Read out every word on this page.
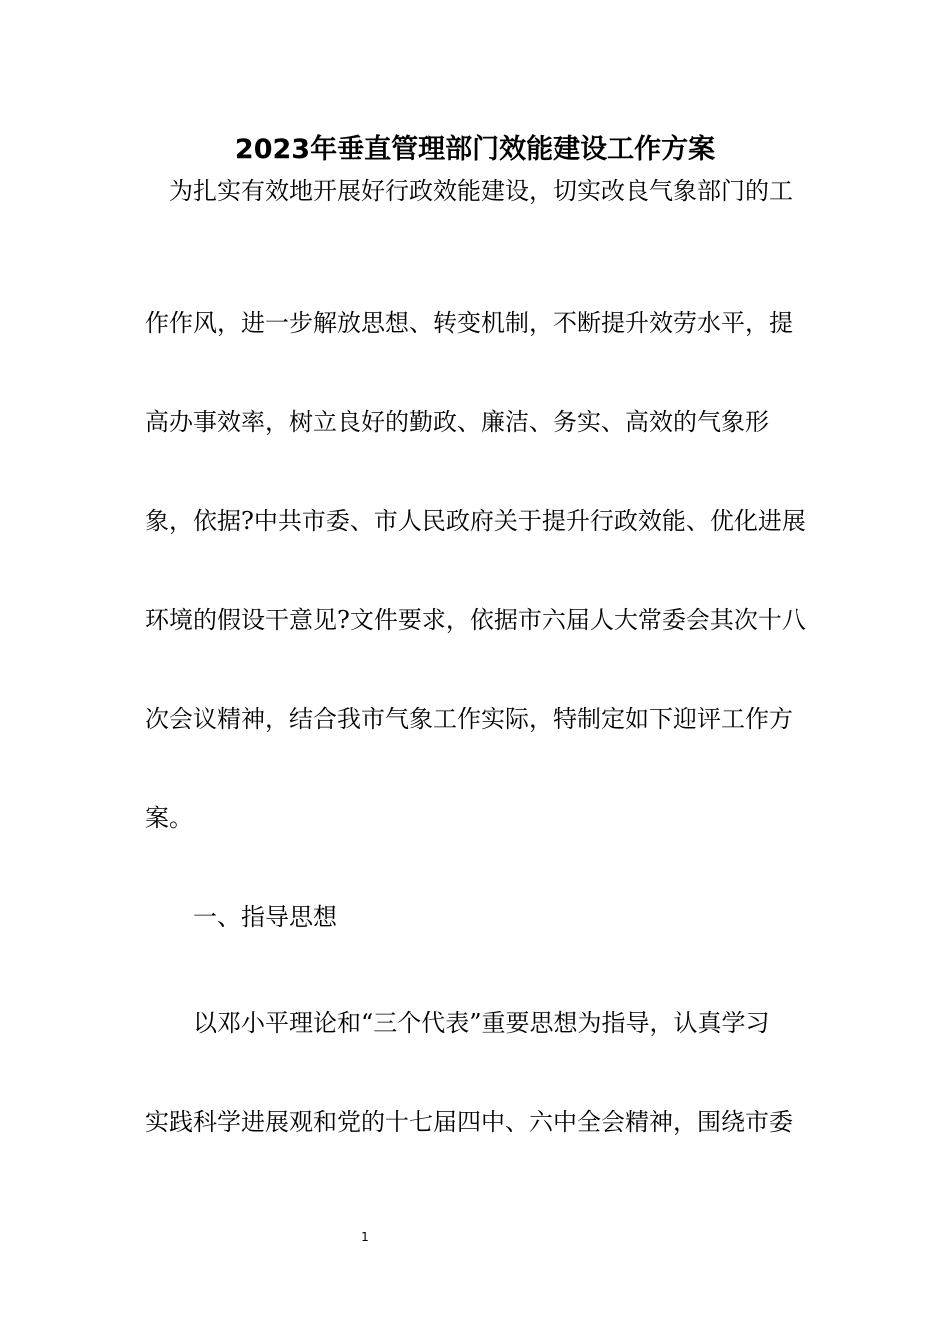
2023年垂直管理部门效能建设工作方案
　为扎实有效地开展好行政效能建设，切实改良气象部门的工
作作风，进一步解放思想、转变机制，不断提升效劳水平，提
高办事效率，树立良好的勤政、廉洁、务实、高效的气象形
象，依据?中共市委、市人民政府关于提升行政效能、优化进展
环境的假设干意见?文件要求，依据市六届人大常委会其次十八
次会议精神，结合我市气象工作实际，特制定如下迎评工作方
案。
　　一、指导思想
　　以邓小平理论和“三个代表”重要思想为指导，认真学习
实践科学进展观和党的十七届四中、六中全会精神，围绕市委
1
